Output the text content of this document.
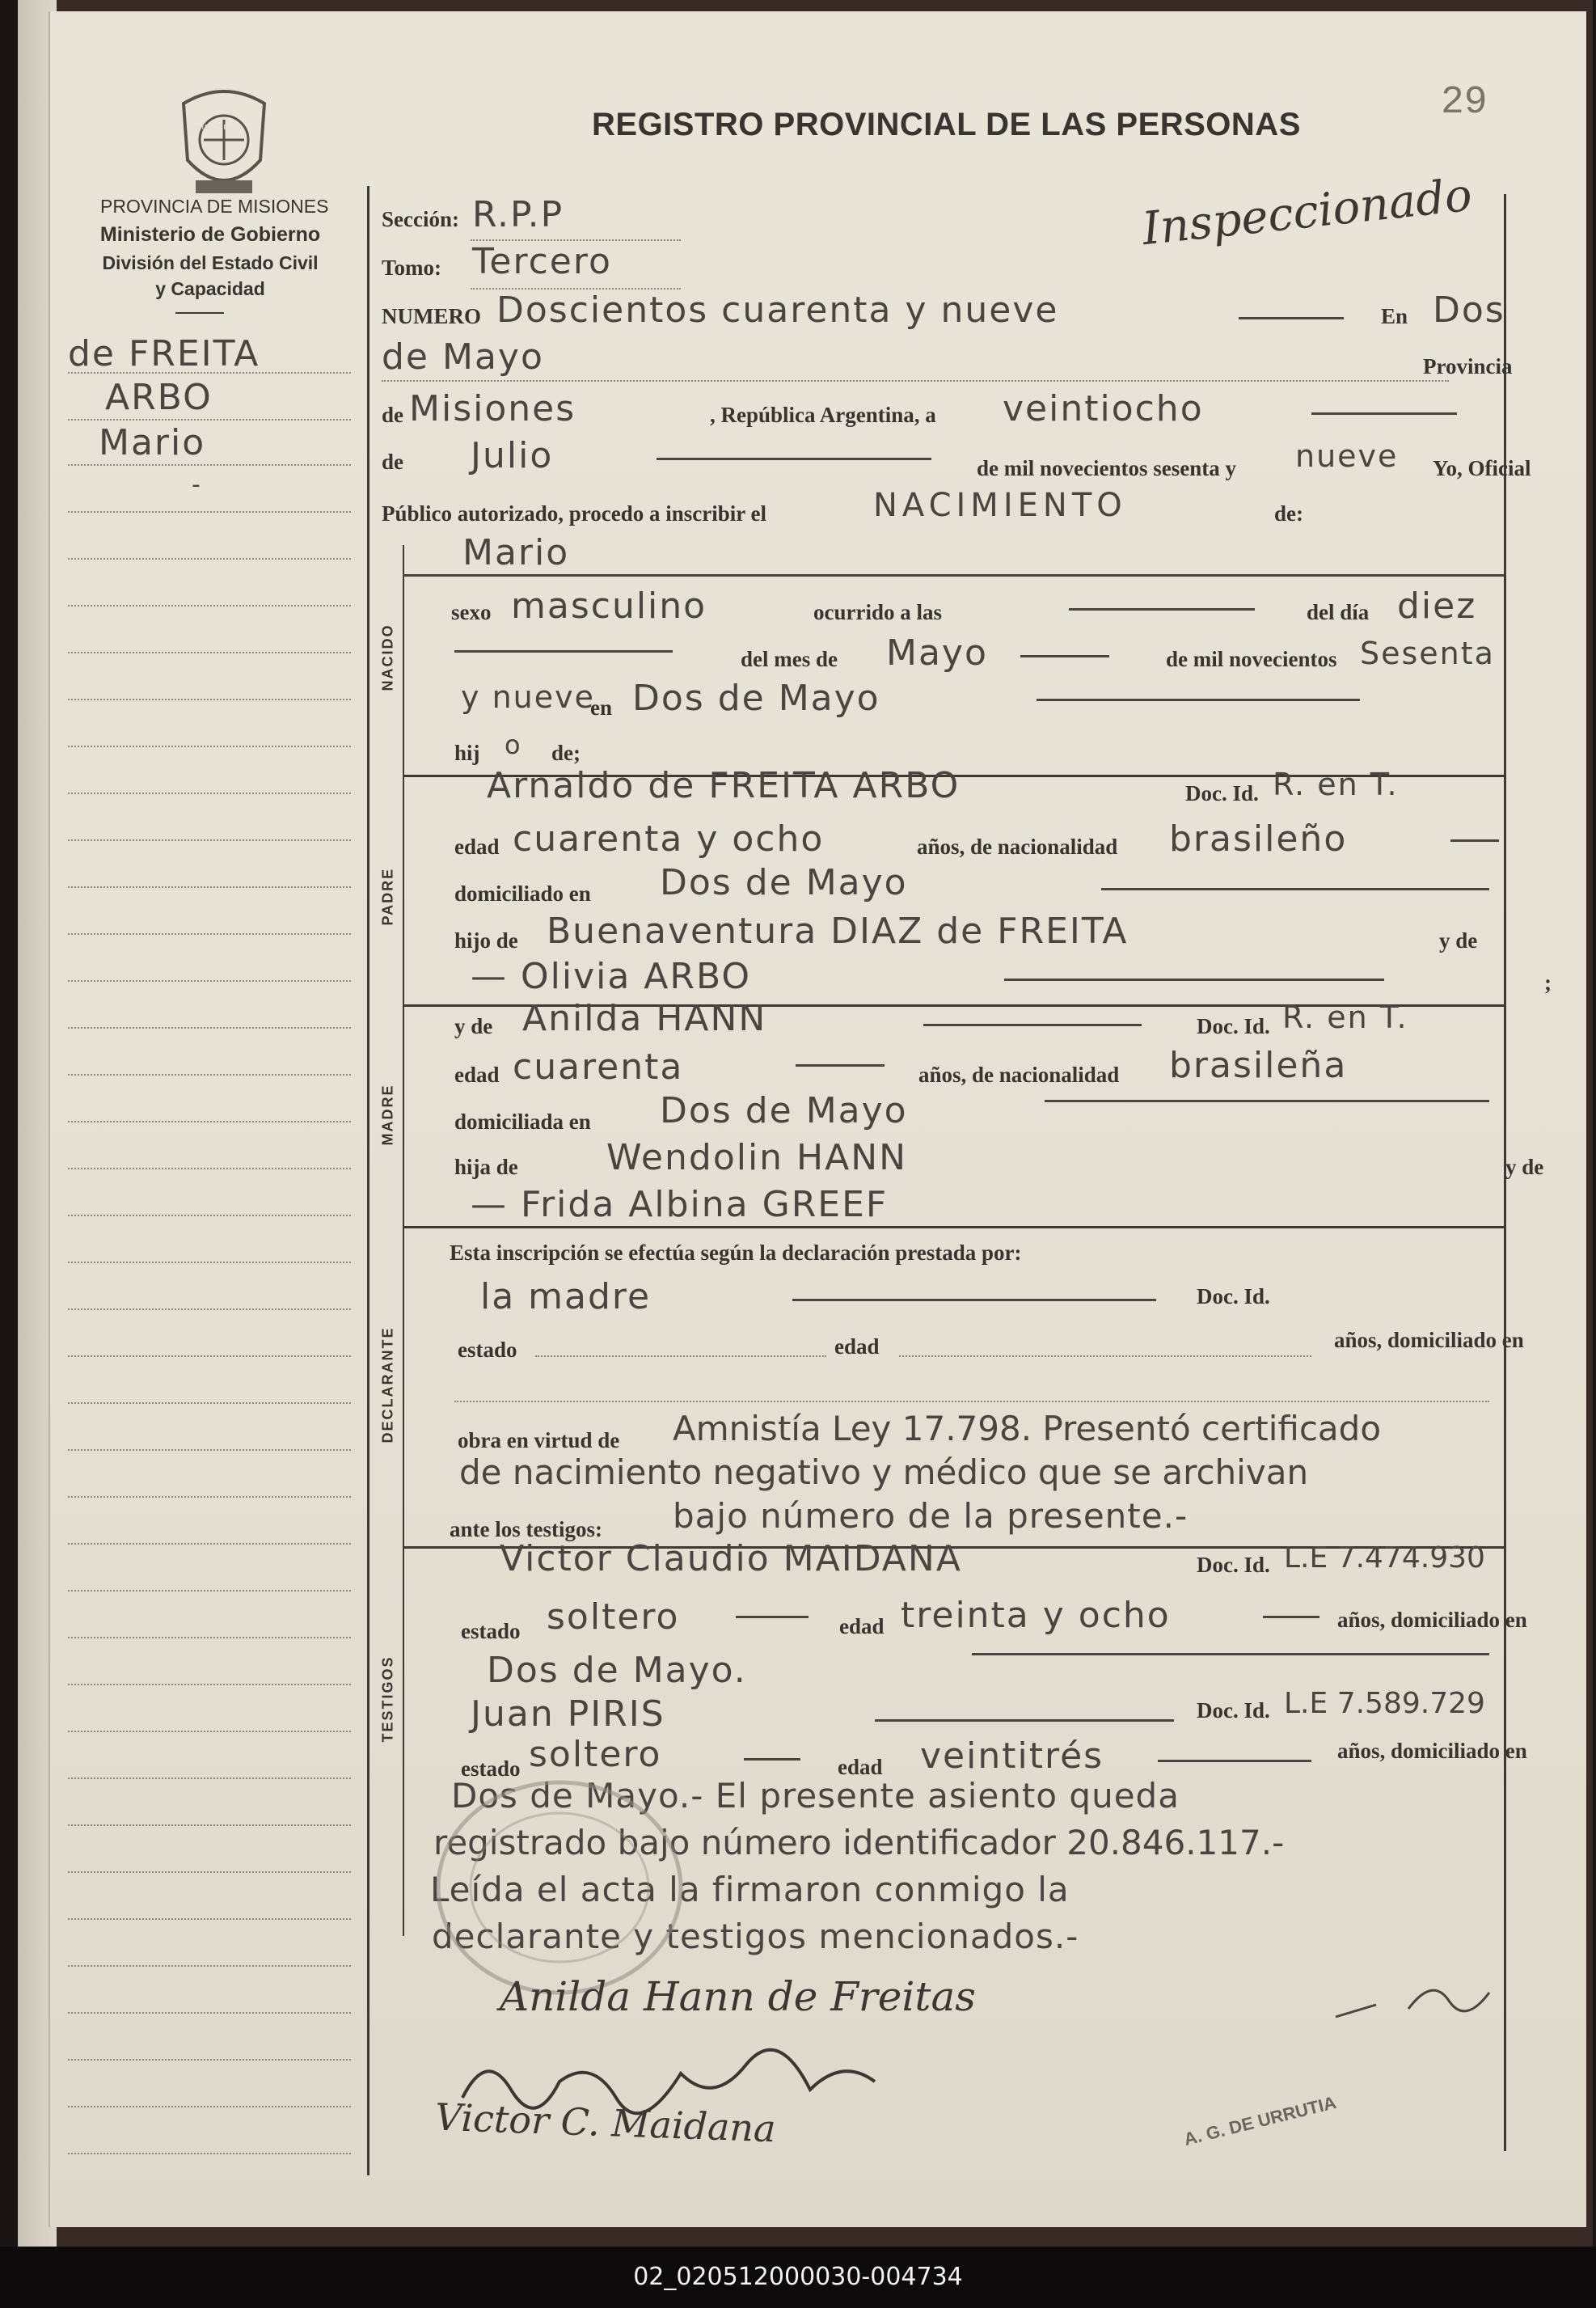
MISIONES	REGISTRO PROVINCIAL DE LAS PERSONAS	29
Inspeccionado
PROVINCIA DE MISIONES
Ministerio de Gobierno
División del Estado Civil
y Capacidad
de FREITA
ARBO
Mario
-
NACIDO
PADRE
MADRE
DECLARANTE
TESTIGOS
Sección: R.P.P
Tomo: Tercero
NUMERO Doscientos cuarenta y nueve	En Dos
de Mayo	Provincia
de Misiones	, República Argentina, a veintiocho
de Julio	de mil novecientos sesenta y nueve Yo, Oficial
Público autorizado, procedo a inscribir el	NACIMIENTO	de:
Mario
sexo masculino	ocurrido a las	del día diez
del mes de Mayo	de mil novecientos Sesenta
y nueve
en Dos de Mayo
hij o de;
Arnaldo de FREITA ARBO	Doc. Id. R. en T.
edad cuarenta y ocho	años, de nacionalidad brasileño
domiciliado en Dos de Mayo
hijo de Buenaventura DIAZ de FREITA	y de
— Olivia ARBO	;
y de Anilda HANN	Doc. Id. R. en T.
edad cuarenta	años, de nacionalidad brasileña
domiciliada en Dos de Mayo
hija de Wendolin HANN	y de
— Frida Albina GREEF
Esta inscripción se efectúa según la declaración prestada por:
la madre	Doc. Id.
estado	edad	años, domiciliado en
obra en virtud de Amnistía Ley 17.798. Presentó certificado
de nacimiento negativo y médico que se archivan
ante los testigos: bajo número de la presente.-
Victor Claudio MAIDANA	Doc. Id. L.E 7.474.930
estado soltero	edad treinta y ocho	años, domiciliado en
Dos de Mayo.
Juan PIRIS	Doc. Id. L.E 7.589.729
estado soltero	edad veintitrés	años, domiciliado en
Dos de Mayo.- El presente asiento queda
registrado bajo número identificador 20.846.117.-
Leída el acta la firmaron conmigo la
declarante y testigos mencionados.-
Anilda Hann de Freitas
Victor C. Maidana	A. G. DE URRUTIA
02_020512000030-004734
